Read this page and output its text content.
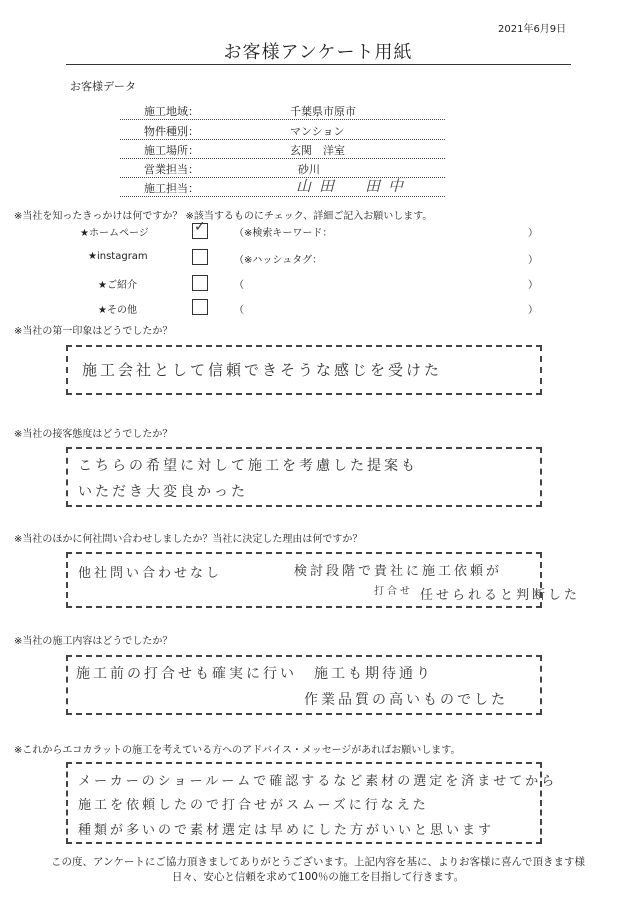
2021年6月9日
お客様アンケート用紙
お客様データ
施工地域：	千葉県市原市
物件種別：	マンション
施工場所：	玄関　洋室
営業担当：	砂川
施工担当：	山田　田中
※当社を知ったきっかけは何ですか？ ※該当するものにチェック、詳細ご記入お願いします。
★ホームページ	✓	（※検索キーワード：	）
★instagram	（※ハッシュタグ：	）
★ご紹介	（	）
★その他	（	）
※当社の第一印象はどうでしたか？
施工会社として信頼できそうな感じを受けた
※当社の接客態度はどうでしたか？
こちらの希望に対して施工を考慮した提案も
いただき大変良かった
※当社のほかに何社問い合わせしましたか？当社に決定した理由は何ですか？
他社問い合わせなし	検討段階で貴社に施工依頼が
打合せ 任せられると判断した
※当社の施工内容はどうでしたか？
施工前の打合せも確実に行い　施工も期待通り
作業品質の高いものでした
※これからエコカラットの施工を考えている方へのアドバイス・メッセージがあればお願いします。
メーカーのショールームで確認するなど素材の選定を済ませてから
施工を依頼したので打合せがスムーズに行なえた
種類が多いので素材選定は早めにした方がいいと思います
この度、アンケートにご協力頂きましてありがとうございます。上記内容を基に、よりお客様に喜んで頂きます様
日々、安心と信頼を求めて100％の施工を目指して行きます。
